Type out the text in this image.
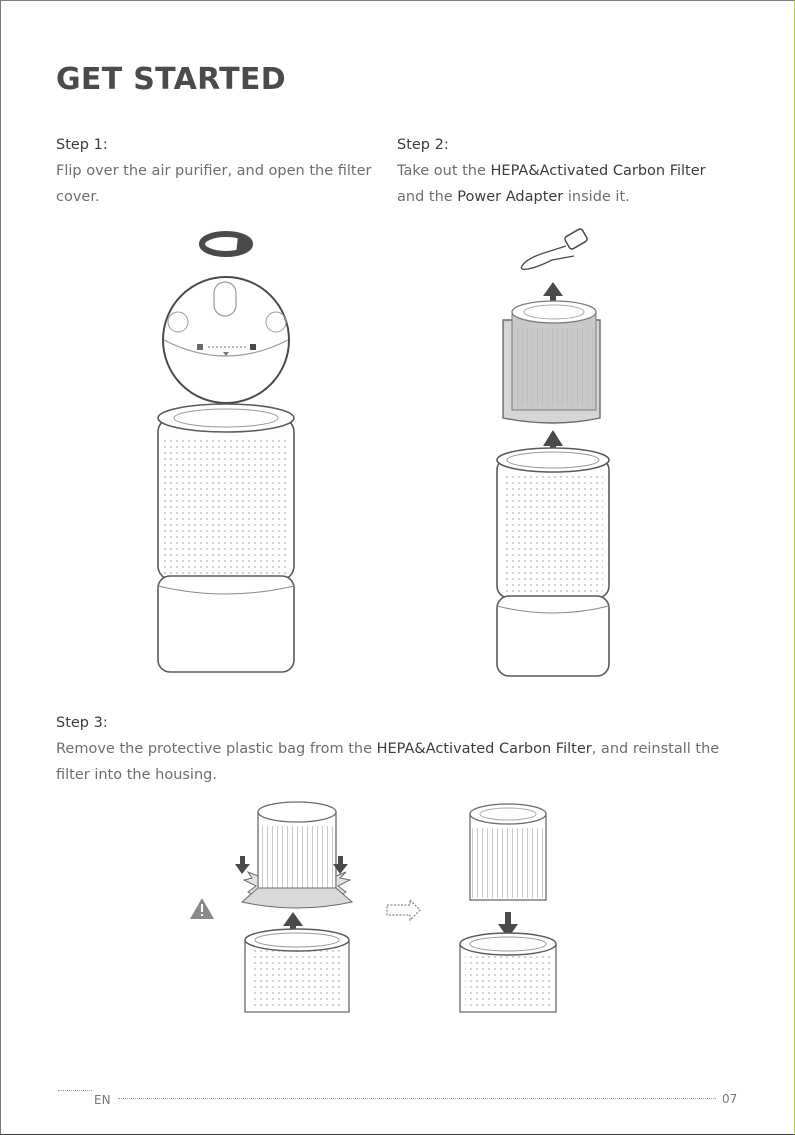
GET STARTED

Step 1:

Flip over the air purifier, and open the filter
cover.

Step 2:

Take out the HEPA&Activated Carbon Filter
and the Power Adapter inside it.

Step 3:

Remove the protective plastic bag from the HEPA&Activated Carbon Filter, and reinstall the
filter into the housing.

EN	07
